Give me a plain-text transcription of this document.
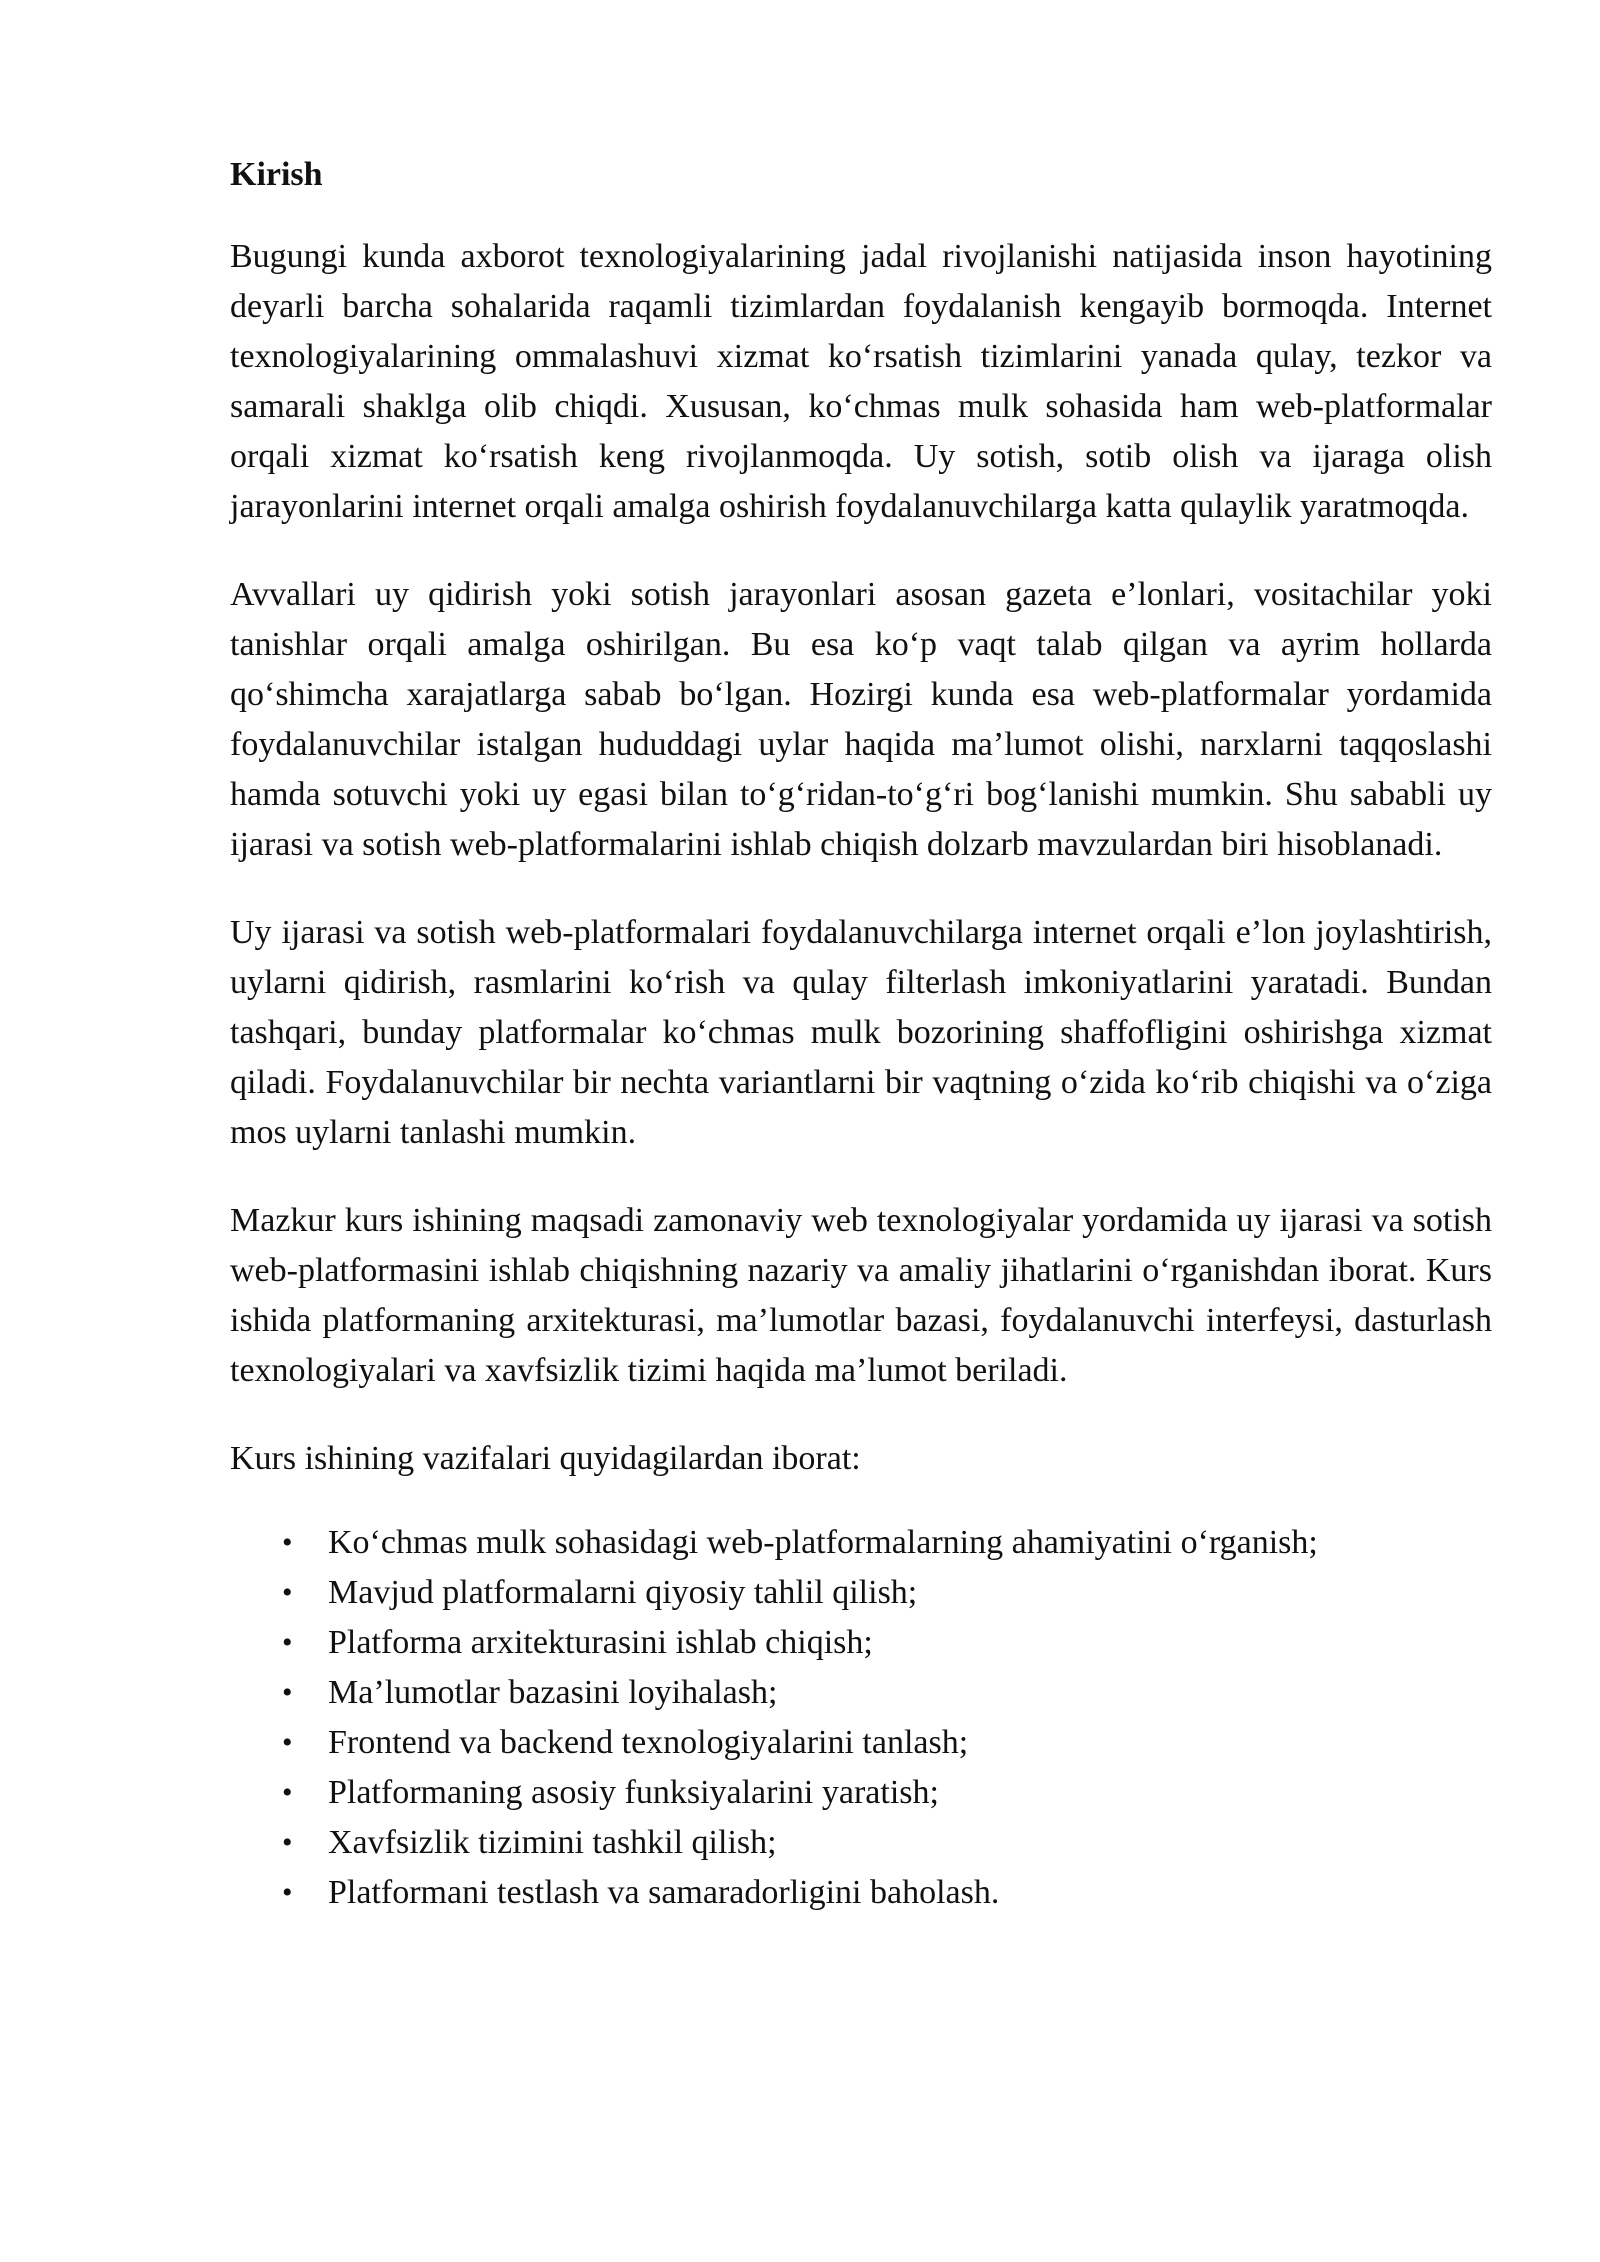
Kirish

Bugungi kunda axborot texnologiyalarining jadal rivojlanishi natijasida inson hayotining deyarli barcha sohalarida raqamli tizimlardan foydalanish kengayib bormoqda. Internet texnologiyalarining ommalashuvi xizmat ko‘rsatish tizimlarini yanada qulay, tezkor va samarali shaklga olib chiqdi. Xususan, ko‘chmas mulk sohasida ham web-platformalar orqali xizmat ko‘rsatish keng rivojlanmoqda. Uy sotish, sotib olish va ijaraga olish jarayonlarini internet orqali amalga oshirish foydalanuvchilarga katta qulaylik yaratmoqda.

Avvallari uy qidirish yoki sotish jarayonlari asosan gazeta e’lonlari, vositachilar yoki tanishlar orqali amalga oshirilgan. Bu esa ko‘p vaqt talab qilgan va ayrim hollarda qo‘shimcha xarajatlarga sabab bo‘lgan. Hozirgi kunda esa web-platformalar yordamida foydalanuvchilar istalgan hududdagi uylar haqida ma’lumot olishi, narxlarni taqqoslashi hamda sotuvchi yoki uy egasi bilan to‘g‘ridan-to‘g‘ri bog‘lanishi mumkin. Shu sababli uy ijarasi va sotish web-platformalarini ishlab chiqish dolzarb mavzulardan biri hisoblanadi.

Uy ijarasi va sotish web-platformalari foydalanuvchilarga internet orqali e’lon joylashtirish, uylarni qidirish, rasmlarini ko‘rish va qulay filterlash imkoniyatlarini yaratadi. Bundan tashqari, bunday platformalar ko‘chmas mulk bozorining shaffofligini oshirishga xizmat qiladi. Foydalanuvchilar bir nechta variantlarni bir vaqtning o‘zida ko‘rib chiqishi va o‘ziga mos uylarni tanlashi mumkin.

Mazkur kurs ishining maqsadi zamonaviy web texnologiyalar yordamida uy ijarasi va sotish web-platformasini ishlab chiqishning nazariy va amaliy jihatlarini o‘rganishdan iborat. Kurs ishida platformaning arxitekturasi, ma’lumotlar bazasi, foydalanuvchi interfeysi, dasturlash texnologiyalari va xavfsizlik tizimi haqida ma’lumot beriladi.

Kurs ishining vazifalari quyidagilardan iborat:

• Ko‘chmas mulk sohasidagi web-platformalarning ahamiyatini o‘rganish;
• Mavjud platformalarni qiyosiy tahlil qilish;
• Platforma arxitekturasini ishlab chiqish;
• Ma’lumotlar bazasini loyihalash;
• Frontend va backend texnologiyalarini tanlash;
• Platformaning asosiy funksiyalarini yaratish;
• Xavfsizlik tizimini tashkil qilish;
• Platformani testlash va samaradorligini baholash.
